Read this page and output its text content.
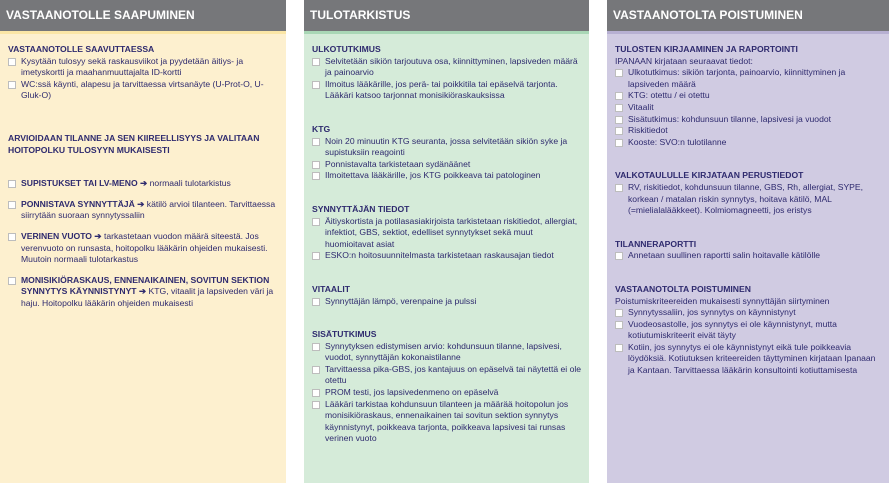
VASTAANOTOLLE SAAPUMINEN
VASTAANOTOLLE SAAVUTTAESSA
Kysytään tulosyy sekä raskausviikot ja pyydetään äitiys- ja imetyskortti ja maahanmuuttajalta ID-kortti
WC:ssä käynti, alapesu ja tarvittaessa virtsanäyte (U-Prot-O, U-Gluk-O)
ARVIOIDAAN TILANNE JA SEN KIIREELLISYYS JA VALITAAN HOITOPOLKU TULOSYYN MUKAISESTI
SUPISTUKSET TAI LV-MENO ➔ normaali tulotarkistus
PONNISTAVA SYNNYTTÄJÄ ➔ kätilö arvioi tilanteen. Tarvittaessa siirrytään suoraan synnytyssaliin
VERINEN VUOTO ➔ tarkastetaan vuodon määrä siteestä. Jos verenvuoto on runsasta, hoitopolku lääkärin ohjeiden mukaisesti. Muutoin normaali tulotarkastus
MONISIKIÖRASKAUS, ENNENAIKAINEN, SOVITUN SEKTION SYNNYTYS KÄYNNISTYNYT ➔ KTG, vitaalit ja lapsiveden väri ja haju. Hoitopolku lääkärin ohjeiden mukaisesti
TULOTARKISTUS
ULKOTUTKIMUS
Selvitetään sikiön tarjoutuva osa, kiinnittyminen, lapsiveden määrä ja painoarvio
Ilmoitus lääkärille, jos perä- tai poikkitila tai epäselvä tarjonta. Lääkäri katsoo tarjonnat monisikiöraskauksissa
KTG
Noin 20 minuutin KTG seuranta, jossa selvitetään sikiön syke ja supistuksiin reagointi
Ponnistavalta tarkistetaan sydänäänet
Ilmoitettava lääkärille, jos KTG poikkeava tai patologinen
SYNNYTTÄJÄN TIEDOT
Äitiyskortista ja potilasasiakirjoista tarkistetaan riskitiedot, allergiat, infektiot, GBS, sektiot, edelliset synnytykset sekä muut huomioitavat asiat
ESKO:n hoitosuunnitelmasta tarkistetaan raskausajan tiedot
VITAALIT
Synnyttäjän lämpö, verenpaine ja pulssi
SISÄTUTKIMUS
Synnytyksen edistymisen arvio: kohdunsuun tilanne, lapsivesi, vuodot, synnyttäjän kokonaistilanne
Tarvittaessa pika-GBS, jos kantajuus on epäselvä tai näytettä ei ole otettu
PROM testi, jos lapsivedenmeno on epäselvä
Lääkäri tarkistaa kohdunsuun tilanteen ja määrää hoitopolun jos monisikiöraskaus, ennenaikainen tai sovitun sektion synnytys käynnistynyt, poikkeava tarjonta, poikkeava lapsivesi tai runsas verinen vuoto
VASTAANOTOLTA POISTUMINEN
TULOSTEN KIRJAAMINEN JA RAPORTOINTI
IPANAAN kirjataan seuraavat tiedot:
Ulkotutkimus: sikiön tarjonta, painoarvio, kiinnittyminen ja lapsiveden määrä
KTG: otettu / ei otettu
Vitaalit
Sisätutkimus: kohdunsuun tilanne, lapsivesi ja vuodot
Riskitiedot
Kooste: SVO:n tulotilanne
VALKOTAULULLE KIRJATAAN PERUSTIEDOT
RV, riskitiedot, kohdunsuun tilanne, GBS, Rh, allergiat, SYPE, korkean / matalan riskin synnytys, hoitava kätilö, MAL (=mielialalääkkeet). Kolmiomagneetti, jos eristys
TILANNERAPORTTI
Annetaan suullinen raportti salin hoitavalle kätilölle
VASTAANOTOLTA POISTUMINEN
Poistumiskriteereiden mukaisesti synnyttäjän siirtyminen
Synnytyssaliin, jos synnytys on käynnistynyt
Vuodeosastolle, jos synnytys ei ole käynnistynyt, mutta kotiutumiskriteerit eivät täyty
Kotiin, jos synnytys ei ole käynnistynyt eikä tule poikkeavia löydöksiä. Kotiutuksen kriteereiden täyttyminen kirjataan Ipanaan ja Kantaan. Tarvittaessa lääkärin konsultointi kotiuttamisesta
